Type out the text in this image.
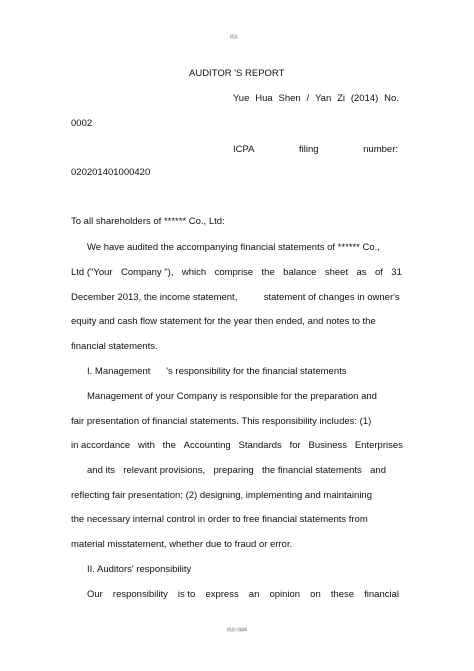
精品
AUDITOR 'S REPORT
Yue Hua Shen / Yan Zi (2014) No.
0002
ICPA	filing	number:
020201401000420
To all shareholders of ****** Co., Ltd:
We have audited the accompanying financial statements of ****** Co.,
Ltd ("Your Company "), which comprise the balance sheet as of 31
December 2013, the income statement,          statement of changes in owner's
equity and cash flow statement for the year then ended, and notes to the
financial statements.
I. Management      's responsibility for the financial statements
Management of your Company is responsible for the preparation and
fair presentation of financial statements. This responsibility includes: (1)
in accordance with the Accounting Standards for Business Enterprises
and its relevant provisions, preparing the financial statements and
reflecting fair presentation; (2) designing, implementing and maintaining
the necessary internal control in order to free financial statements from
material misstatement, whether due to fraud or error.
II. Auditors' responsibility
Our responsibility is to express an opinion on these financial
精品可编辑
